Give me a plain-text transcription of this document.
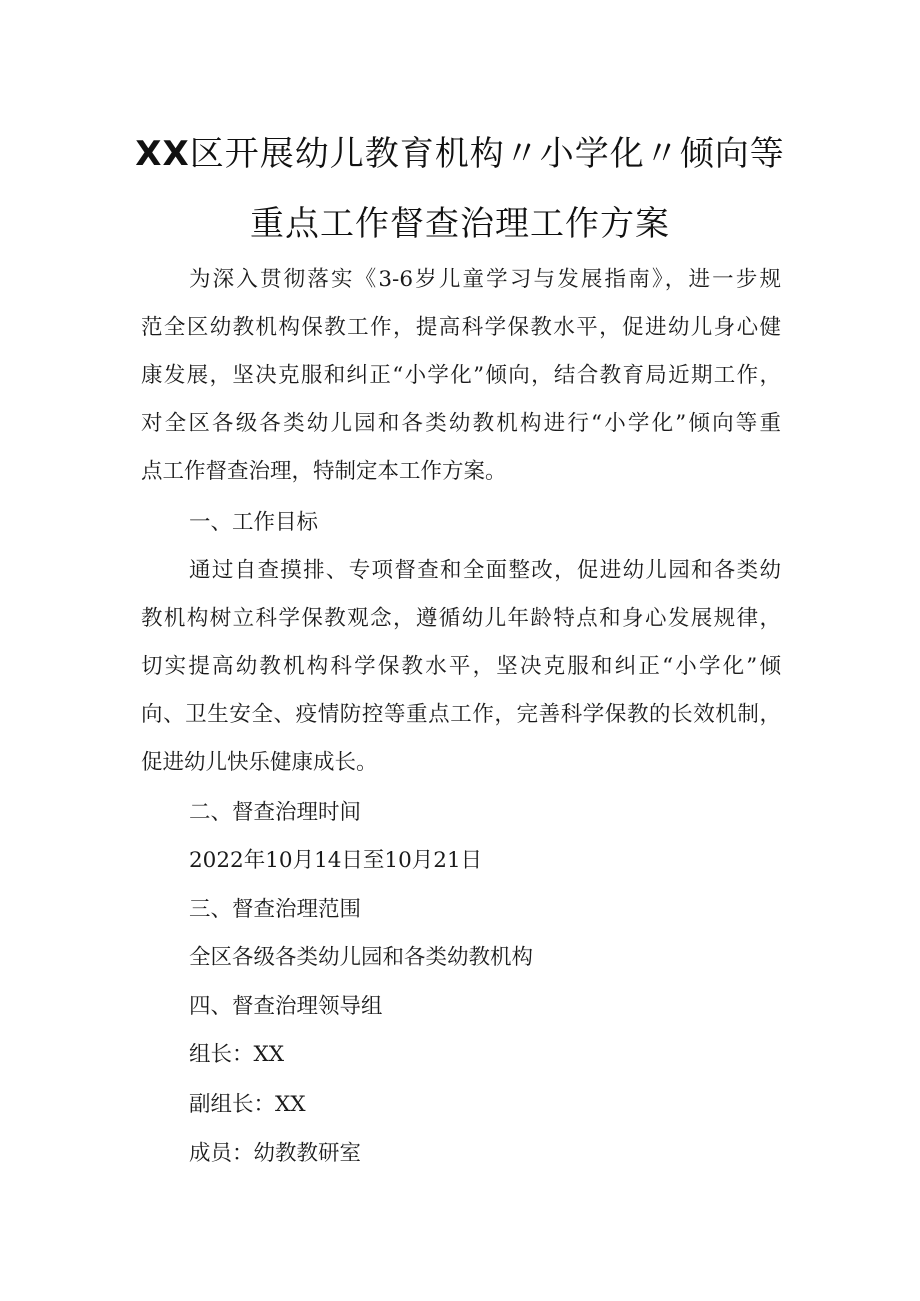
XX区开展幼儿教育机构〃小学化〃倾向等
重点工作督查治理工作方案
为深入贯彻落实《3-6岁儿童学习与发展指南》，进一步规
范全区幼教机构保教工作，提高科学保教水平，促进幼儿身心健
康发展，坚决克服和纠正“小学化”倾向，结合教育局近期工作，
对全区各级各类幼儿园和各类幼教机构进行“小学化”倾向等重
点工作督查治理，特制定本工作方案。
一、工作目标
通过自查摸排、专项督查和全面整改，促进幼儿园和各类幼
教机构树立科学保教观念，遵循幼儿年龄特点和身心发展规律，
切实提高幼教机构科学保教水平，坚决克服和纠正“小学化”倾
向、卫生安全、疫情防控等重点工作，完善科学保教的长效机制，
促进幼儿快乐健康成长。
二、督查治理时间
2022年10月14日至10月21日
三、督查治理范围
全区各级各类幼儿园和各类幼教机构
四、督查治理领导组
组长：XX
副组长：XX
成员：幼教教研室
